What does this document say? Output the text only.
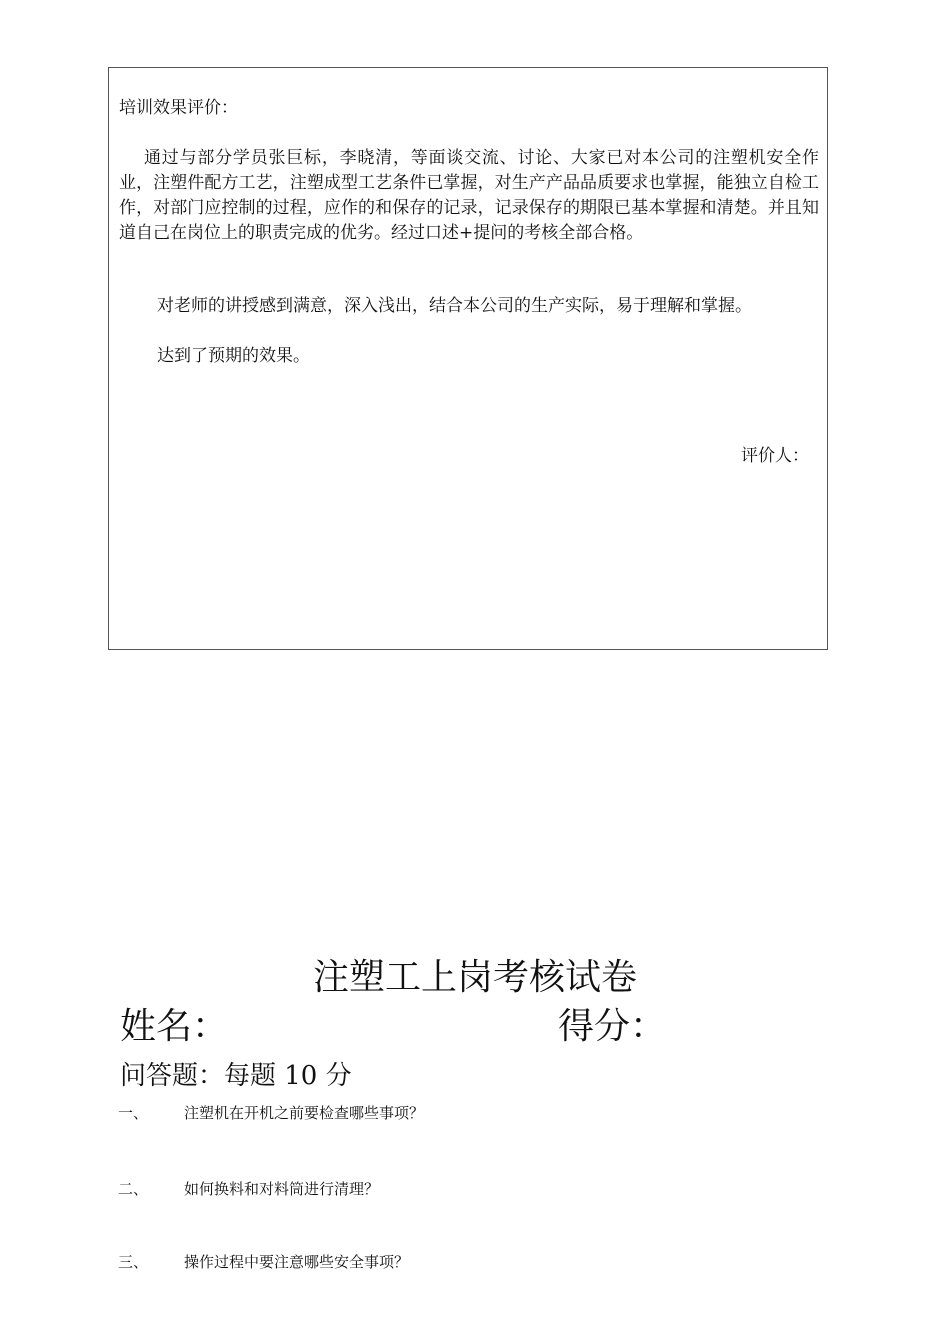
培训效果评价：

通过与部分学员张巨标，李晓清，等面谈交流、讨论、大家已对本公司的注塑机安全作业，注塑件配方工艺，注塑成型工艺条件已掌握，对生产产品品质要求也掌握，能独立自检工作，对部门应控制的过程，应作的和保存的记录，记录保存的期限已基本掌握和清楚。并且知道自己在岗位上的职责完成的优劣。经过口述+提问的考核全部合格。

对老师的讲授感到满意，深入浅出，结合本公司的生产实际，易于理解和掌握。

达到了预期的效果。

评价人：
注塑工上岗考核试卷
姓名：	得分：
问答题：每题 10 分
一、 注塑机在开机之前要检查哪些事项？
二、 如何换料和对料筒进行清理？
三、 操作过程中要注意哪些安全事项？
